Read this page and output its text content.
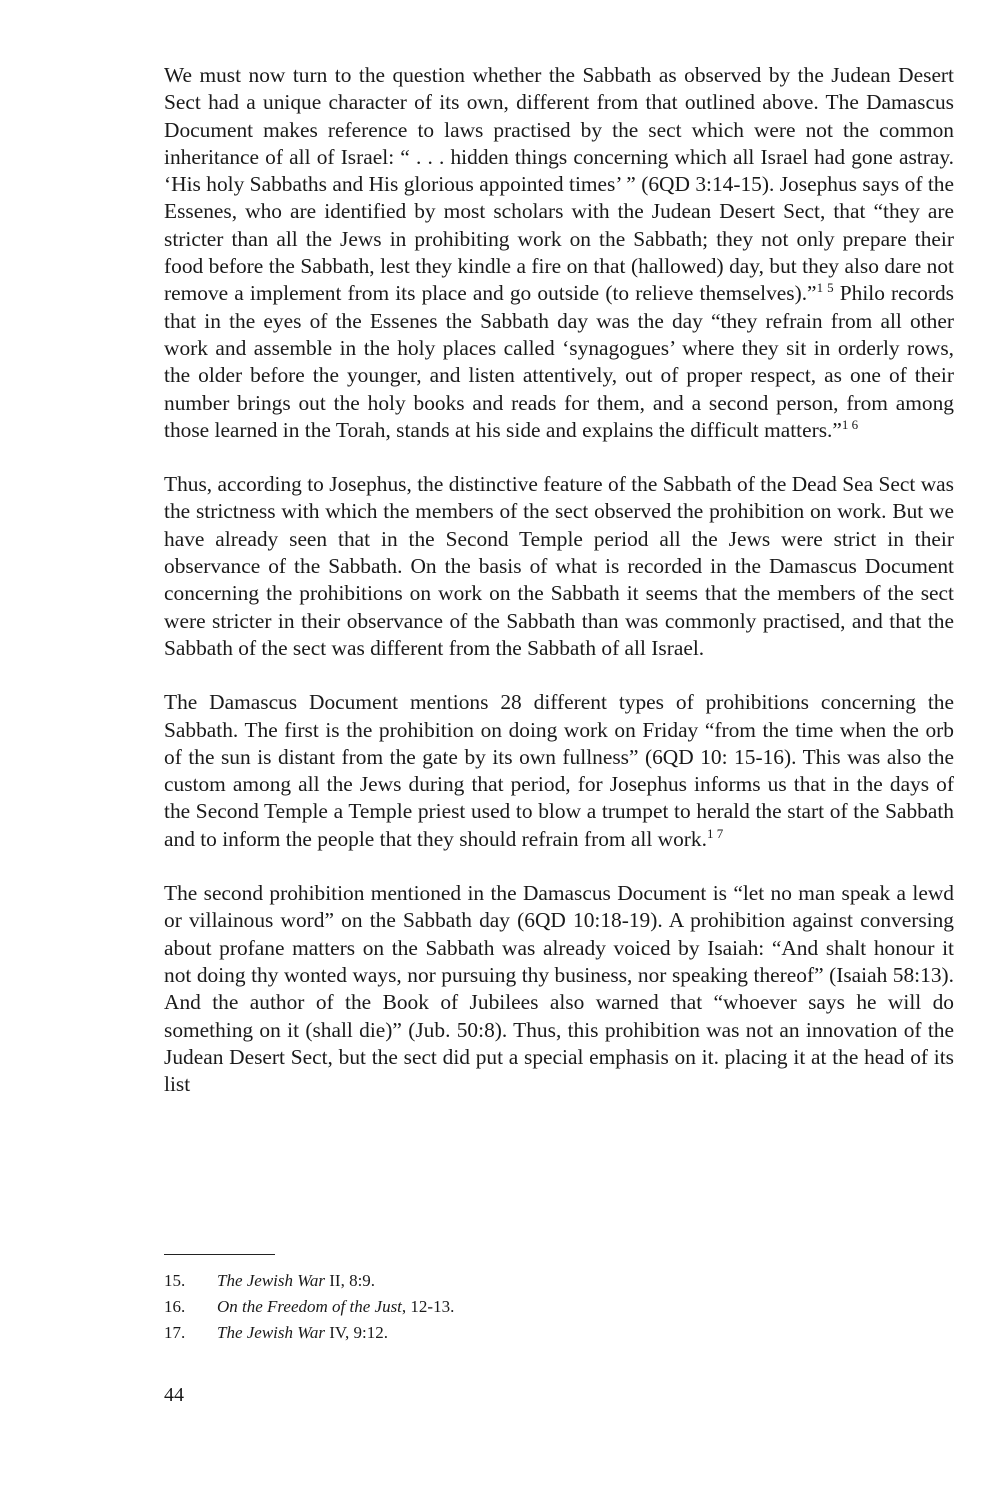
We must now turn to the question whether the Sabbath as observed by the Judean Desert Sect had a unique character of its own, different from that outlined above. The Damascus Document makes reference to laws practised by the sect which were not the common inheritance of all of Israel: “ . . . hidden things concerning which all Israel had gone astray. ‘His holy Sabbaths and His glorious appointed times’ ” (6QD 3:14-15). Josephus says of the Essenes, who are identified by most scholars with the Judean Desert Sect, that “they are stricter than all the Jews in prohibiting work on the Sabbath; they not only prepare their food before the Sabbath, lest they kindle a fire on that (hallowed) day, but they also dare not remove a implement from its place and go outside (to relieve themselves).”$^{1 5}$ Philo records that in the eyes of the Essenes the Sabbath day was the day “they refrain from all other work and assemble in the holy places called ‘synagogues’ where they sit in orderly rows, the older before the younger, and listen attentively, out of proper respect, as one of their number brings out the holy books and reads for them, and a second person, from among those learned in the Torah, stands at his side and explains the difficult matters.”$^{1 6}$

Thus, according to Josephus, the distinctive feature of the Sabbath of the Dead Sea Sect was the strictness with which the members of the sect observed the prohibition on work. But we have already seen that in the Second Temple period all the Jews were strict in their observance of the Sabbath. On the basis of what is recorded in the Damascus Document concerning the prohibitions on work on the Sabbath it seems that the members of the sect were stricter in their observance of the Sabbath than was commonly practised, and that the Sabbath of the sect was different from the Sabbath of all Israel.

The Damascus Document mentions 28 different types of prohibitions concerning the Sabbath. The first is the prohibition on doing work on Friday “from the time when the orb of the sun is distant from the gate by its own fullness” (6QD 10: 15-16). This was also the custom among all the Jews during that period, for Josephus informs us that in the days of the Second Temple a Temple priest used to blow a trumpet to herald the start of the Sabbath and to inform the people that they should refrain from all work.$^{1 7}$

The second prohibition mentioned in the Damascus Document is “let no man speak a lewd or villainous word” on the Sabbath day (6QD 10:18-19). A prohibition against conversing about profane matters on the Sabbath was already voiced by Isaiah: “And shalt honour it not doing thy wonted ways, nor pursuing thy business, nor speaking thereof” (Isaiah 58:13). And the author of the Book of Jubilees also warned that “whoever says he will do something on it (shall die)” (Jub. 50:8). Thus, this prohibition was not an innovation of the Judean Desert Sect, but the sect did put a special emphasis on it. placing it at the head of its list

15.	The Jewish War II, 8:9.
16.	On the Freedom of the Just, 12-13.
17.	The Jewish War IV, 9:12.
44
